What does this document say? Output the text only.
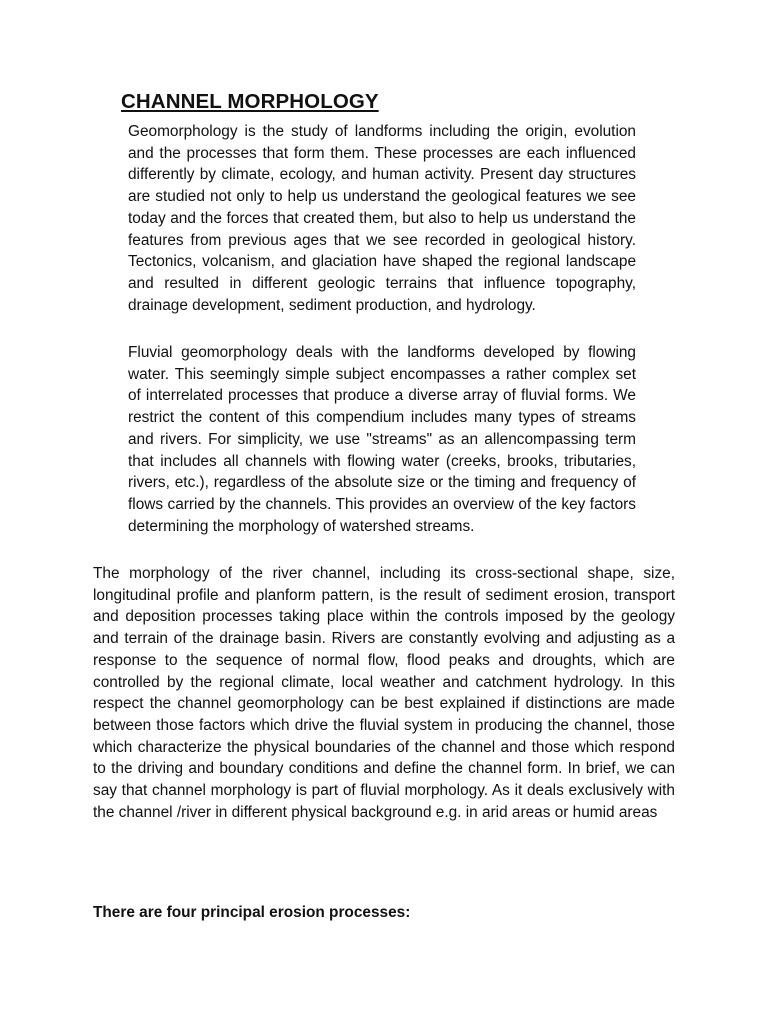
CHANNEL MORPHOLOGY

Geomorphology is the study of landforms including the origin, evolution and the processes that form them. These processes are each influenced differently by climate, ecology, and human activity. Present day structures are studied not only to help us understand the geological features we see today and the forces that created them, but also to help us understand the features from previous ages that we see recorded in geological history. Tectonics, volcanism, and glaciation have shaped the regional landscape and resulted in different geologic terrains that influence topography, drainage development, sediment production, and hydrology.

Fluvial geomorphology deals with the landforms developed by flowing water. This seemingly simple subject encompasses a rather complex set of interrelated processes that produce a diverse array of fluvial forms. We restrict the content of this compendium includes many types of streams and rivers. For simplicity, we use "streams" as an allencompassing term that includes all channels with flowing water (creeks, brooks, tributaries, rivers, etc.), regardless of the absolute size or the timing and frequency of flows carried by the channels. This provides an overview of the key factors determining the morphology of watershed streams.

The morphology of the river channel, including its cross-sectional shape, size, longitudinal profile and planform pattern, is the result of sediment erosion, transport and deposition processes taking place within the controls imposed by the geology and terrain of the drainage basin. Rivers are constantly evolving and adjusting as a response to the sequence of normal flow, flood peaks and droughts, which are controlled by the regional climate, local weather and catchment hydrology. In this respect the channel geomorphology can be best explained if distinctions are made between those factors which drive the fluvial system in producing the channel, those which characterize the physical boundaries of the channel and those which respond to the driving and boundary conditions and define the channel form. In brief, we can say that channel morphology is part of fluvial morphology. As it deals exclusively with the channel /river in different physical background e.g. in arid areas or humid areas

There are four principal erosion processes:
